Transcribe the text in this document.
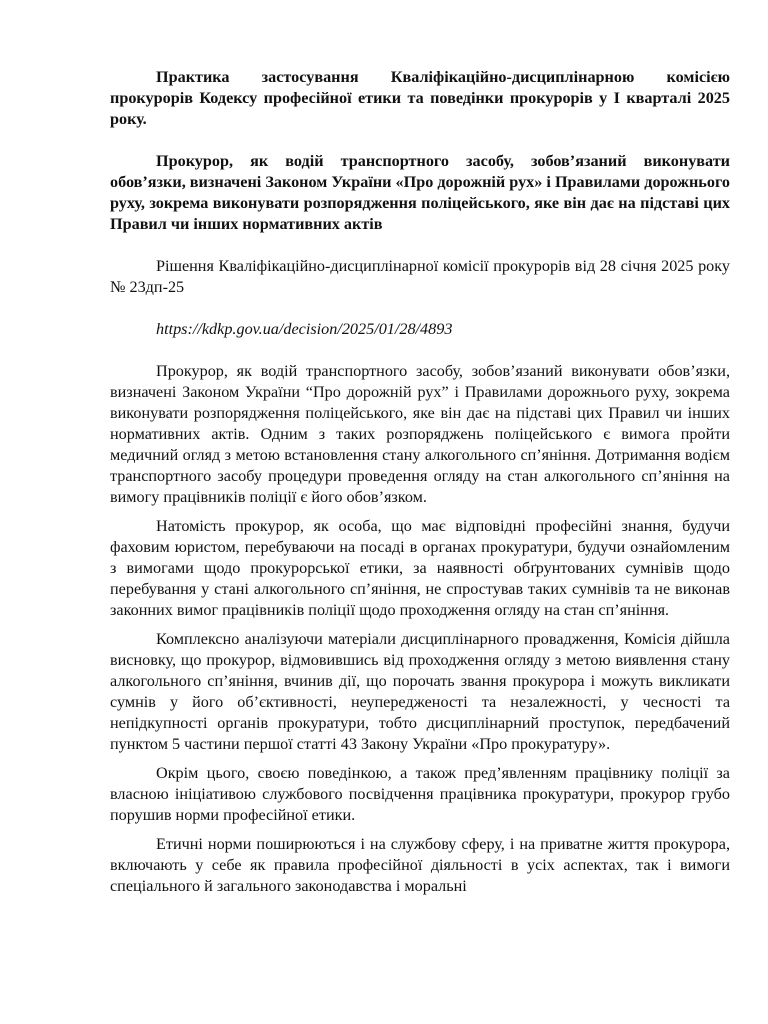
Практика застосування Кваліфікаційно-дисциплінарною комісією прокурорів Кодексу професійної етики та поведінки прокурорів у І кварталі 2025 року.

Прокурор, як водій транспортного засобу, зобов’язаний виконувати обов’язки, визначені Законом України «Про дорожній рух» і Правилами дорожнього руху, зокрема виконувати розпорядження поліцейського, яке він дає на підставі цих Правил чи інших нормативних актів

Рішення Кваліфікаційно-дисциплінарної комісії прокурорів від 28 січня 2025 року № 23дп-25

https://kdkp.gov.ua/decision/2025/01/28/4893

Прокурор, як водій транспортного засобу, зобов’язаний виконувати обов’язки, визначені Законом України “Про дорожній рух” і Правилами дорожнього руху, зокрема виконувати розпорядження поліцейського, яке він дає на підставі цих Правил чи інших нормативних актів. Одним з таких розпоряджень поліцейського є вимога пройти медичний огляд з метою встановлення стану алкогольного сп’яніння. Дотримання водієм транспортного засобу процедури проведення огляду на стан алкогольного сп’яніння на вимогу працівників поліції є його обов’язком.

Натомість прокурор, як особа, що має відповідні професійні знання, будучи фаховим юристом, перебуваючи на посаді в органах прокуратури, будучи ознайомленим з вимогами щодо прокурорської етики, за наявності обґрунтованих сумнівів щодо перебування у стані алкогольного сп’яніння, не спростував таких сумнівів та не виконав законних вимог працівників поліції щодо проходження огляду на стан сп’яніння.

Комплексно аналізуючи матеріали дисциплінарного провадження, Комісія дійшла висновку, що прокурор, відмовившись від проходження огляду з метою виявлення стану алкогольного сп’яніння, вчинив дії, що порочать звання прокурора і можуть викликати сумнів у його об’єктивності, неупередженості та незалежності, у чесності та непідкупності органів прокуратури, тобто дисциплінарний проступок, передбачений пунктом 5 частини першої статті 43 Закону України «Про прокуратуру».

Окрім цього, своєю поведінкою, а також пред’явленням працівнику поліції за власною ініціативою службового посвідчення працівника прокуратури, прокурор грубо порушив норми професійної етики.

Етичні норми поширюються і на службову сферу, і на приватне життя прокурора, включають у себе як правила професійної діяльності в усіх аспектах, так і вимоги спеціального й загального законодавства і моральні
